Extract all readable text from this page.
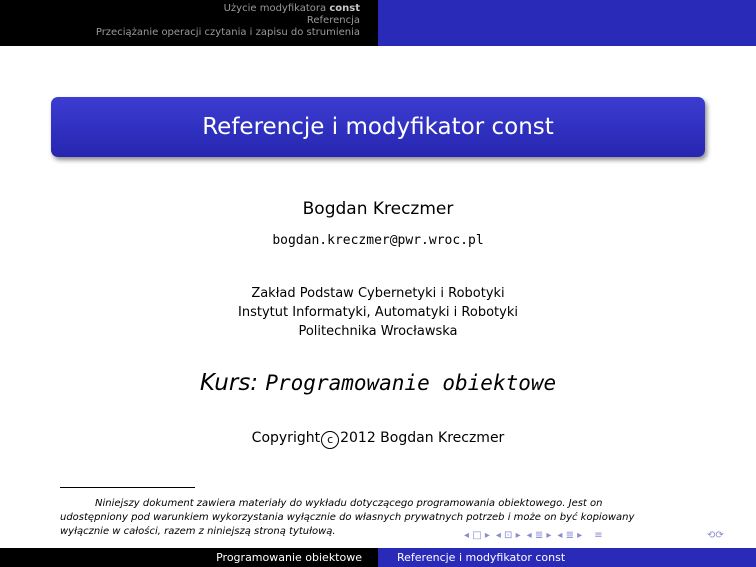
Użycie modyfikatora const
Referencja
Przeciążanie operacji czytania i zapisu do strumienia
Referencje i modyfikator const
Bogdan Kreczmer
bogdan.kreczmer@pwr.wroc.pl
Zakład Podstaw Cybernetyki i Robotyki
Instytut Informatyki, Automatyki i Robotyki
Politechnika Wrocławska
Kurs: Programowanie obiektowe
Copyright c 2012 Bogdan Kreczmer
Niniejszy dokument zawiera materiały do wykładu dotyczącego programowania obiektowego. Jest on
udostępniony pod warunkiem wykorzystania wyłącznie do własnych prywatnych potrzeb i może on być kopiowany
wyłącznie w całości, razem z niniejszą stroną tytułową.	◂ □ ▸ ◂ ⊡ ▸ ◂ ≣ ▸ ◂ ≣ ▸ ≡	⟲⟳
Programowanie obiektowe	Referencje i modyfikator const
